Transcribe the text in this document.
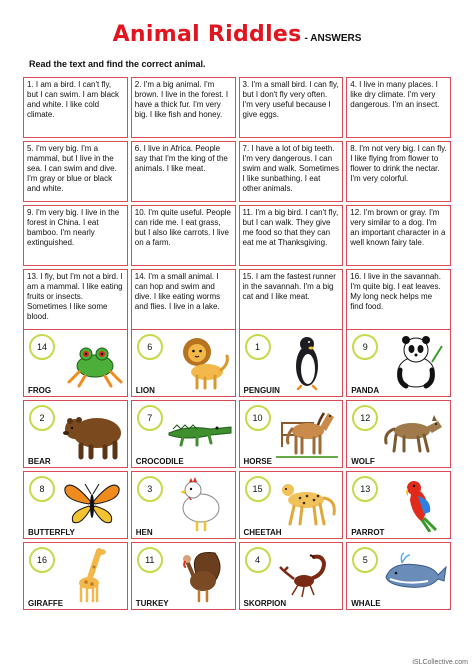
Animal Riddles - ANSWERS
Read the text and find the correct animal.
1. I am a bird. I can't fly, but I can swim. I am black and white. I like cold climate.
2. I'm a big animal. I'm brown. I live in the forest. I have a thick fur. I'm very big. I like fish and honey.
3. I'm a small bird. I can fly, but I don't fly very often. I'm very useful because I give eggs.
4. I live in many places. I like dry climate. I'm very dangerous. I'm an insect.
5. I'm very big. I'm a mammal, but I live in the sea. I can swim and dive. I'm gray or blue or black and white.
6. I live in Africa. People say that I'm the king of the animals. I like meat.
7. I have a lot of big teeth. I'm very dangerous. I can swim and walk. Sometimes I like sunbathing. I eat other animals.
8. I'm not very big. I can fly. I like flying from flower to flower to drink the nectar. I'm very colorful.
9. I'm very big. I live in the forest in China. I eat bamboo. I'm nearly extinguished.
10. I'm quite useful. People can ride me. I eat grass, but I also like carrots. I live on a farm.
11. I'm a big bird. I can't fly, but I can walk. They give me food so that they can eat me at Thanksgiving.
12. I'm brown or gray. I'm very similar to a dog. I'm an important character in a well known fairy tale.
13. I fly, but I'm not a bird. I am a mammal. I like eating fruits or insects. Sometimes I like some blood.
14. I'm a small animal. I can hop and swim and dive. I like eating worms and flies. I live in a lake.
15. I am the fastest runner in the savannah. I'm a big cat and I like meat.
16. I live in the savannah. I'm quite big. I eat leaves. My long neck helps me find food.
14
FROG
6
LION
1
PENGUIN
9
PANDA
2
BEAR
7
CROCODILE
10
HORSE
12
WOLF
8
BUTTERFLY
3
HEN
15
CHEETAH
13
PARROT
16
GIRAFFE
11
TURKEY
4
SKORPION
5
WHALE
iSLCollective.com
